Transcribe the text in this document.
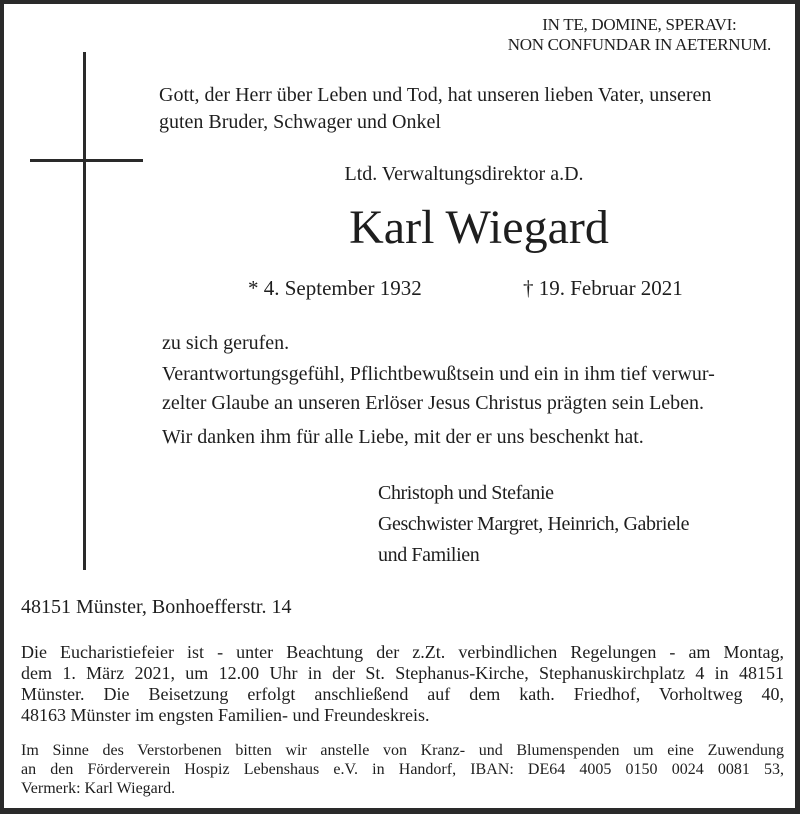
IN TE, DOMINE, SPERAVI:
NON CONFUNDAR IN AETERNUM.
Gott, der Herr über Leben und Tod, hat unseren lieben Vater, unseren
guten Bruder, Schwager und Onkel
Ltd. Verwaltungsdirektor a.D.
Karl Wiegard
* 4. September 1932	† 19. Februar 2021
zu sich gerufen.
Verantwortungsgefühl, Pflichtbewußtsein und ein in ihm tief verwur-
zelter Glaube an unseren Erlöser Jesus Christus prägten sein Leben.
Wir danken ihm für alle Liebe, mit der er uns beschenkt hat.
Christoph und Stefanie
Geschwister Margret, Heinrich, Gabriele
und Familien
48151 Münster, Bonhoefferstr. 14
Die Eucharistiefeier ist - unter Beachtung der z.Zt. verbindlichen Regelungen - am Montag,
dem 1. März 2021, um 12.00 Uhr in der St. Stephanus-Kirche, Stephanuskirchplatz 4 in 48151
Münster. Die Beisetzung erfolgt anschließend auf dem kath. Friedhof, Vorholtweg 40,
48163 Münster im engsten Familien- und Freundeskreis.
Im Sinne des Verstorbenen bitten wir anstelle von Kranz- und Blumenspenden um eine Zuwendung
an den Förderverein Hospiz Lebenshaus e.V. in Handorf, IBAN: DE64 4005 0150 0024 0081 53,
Vermerk: Karl Wiegard.
